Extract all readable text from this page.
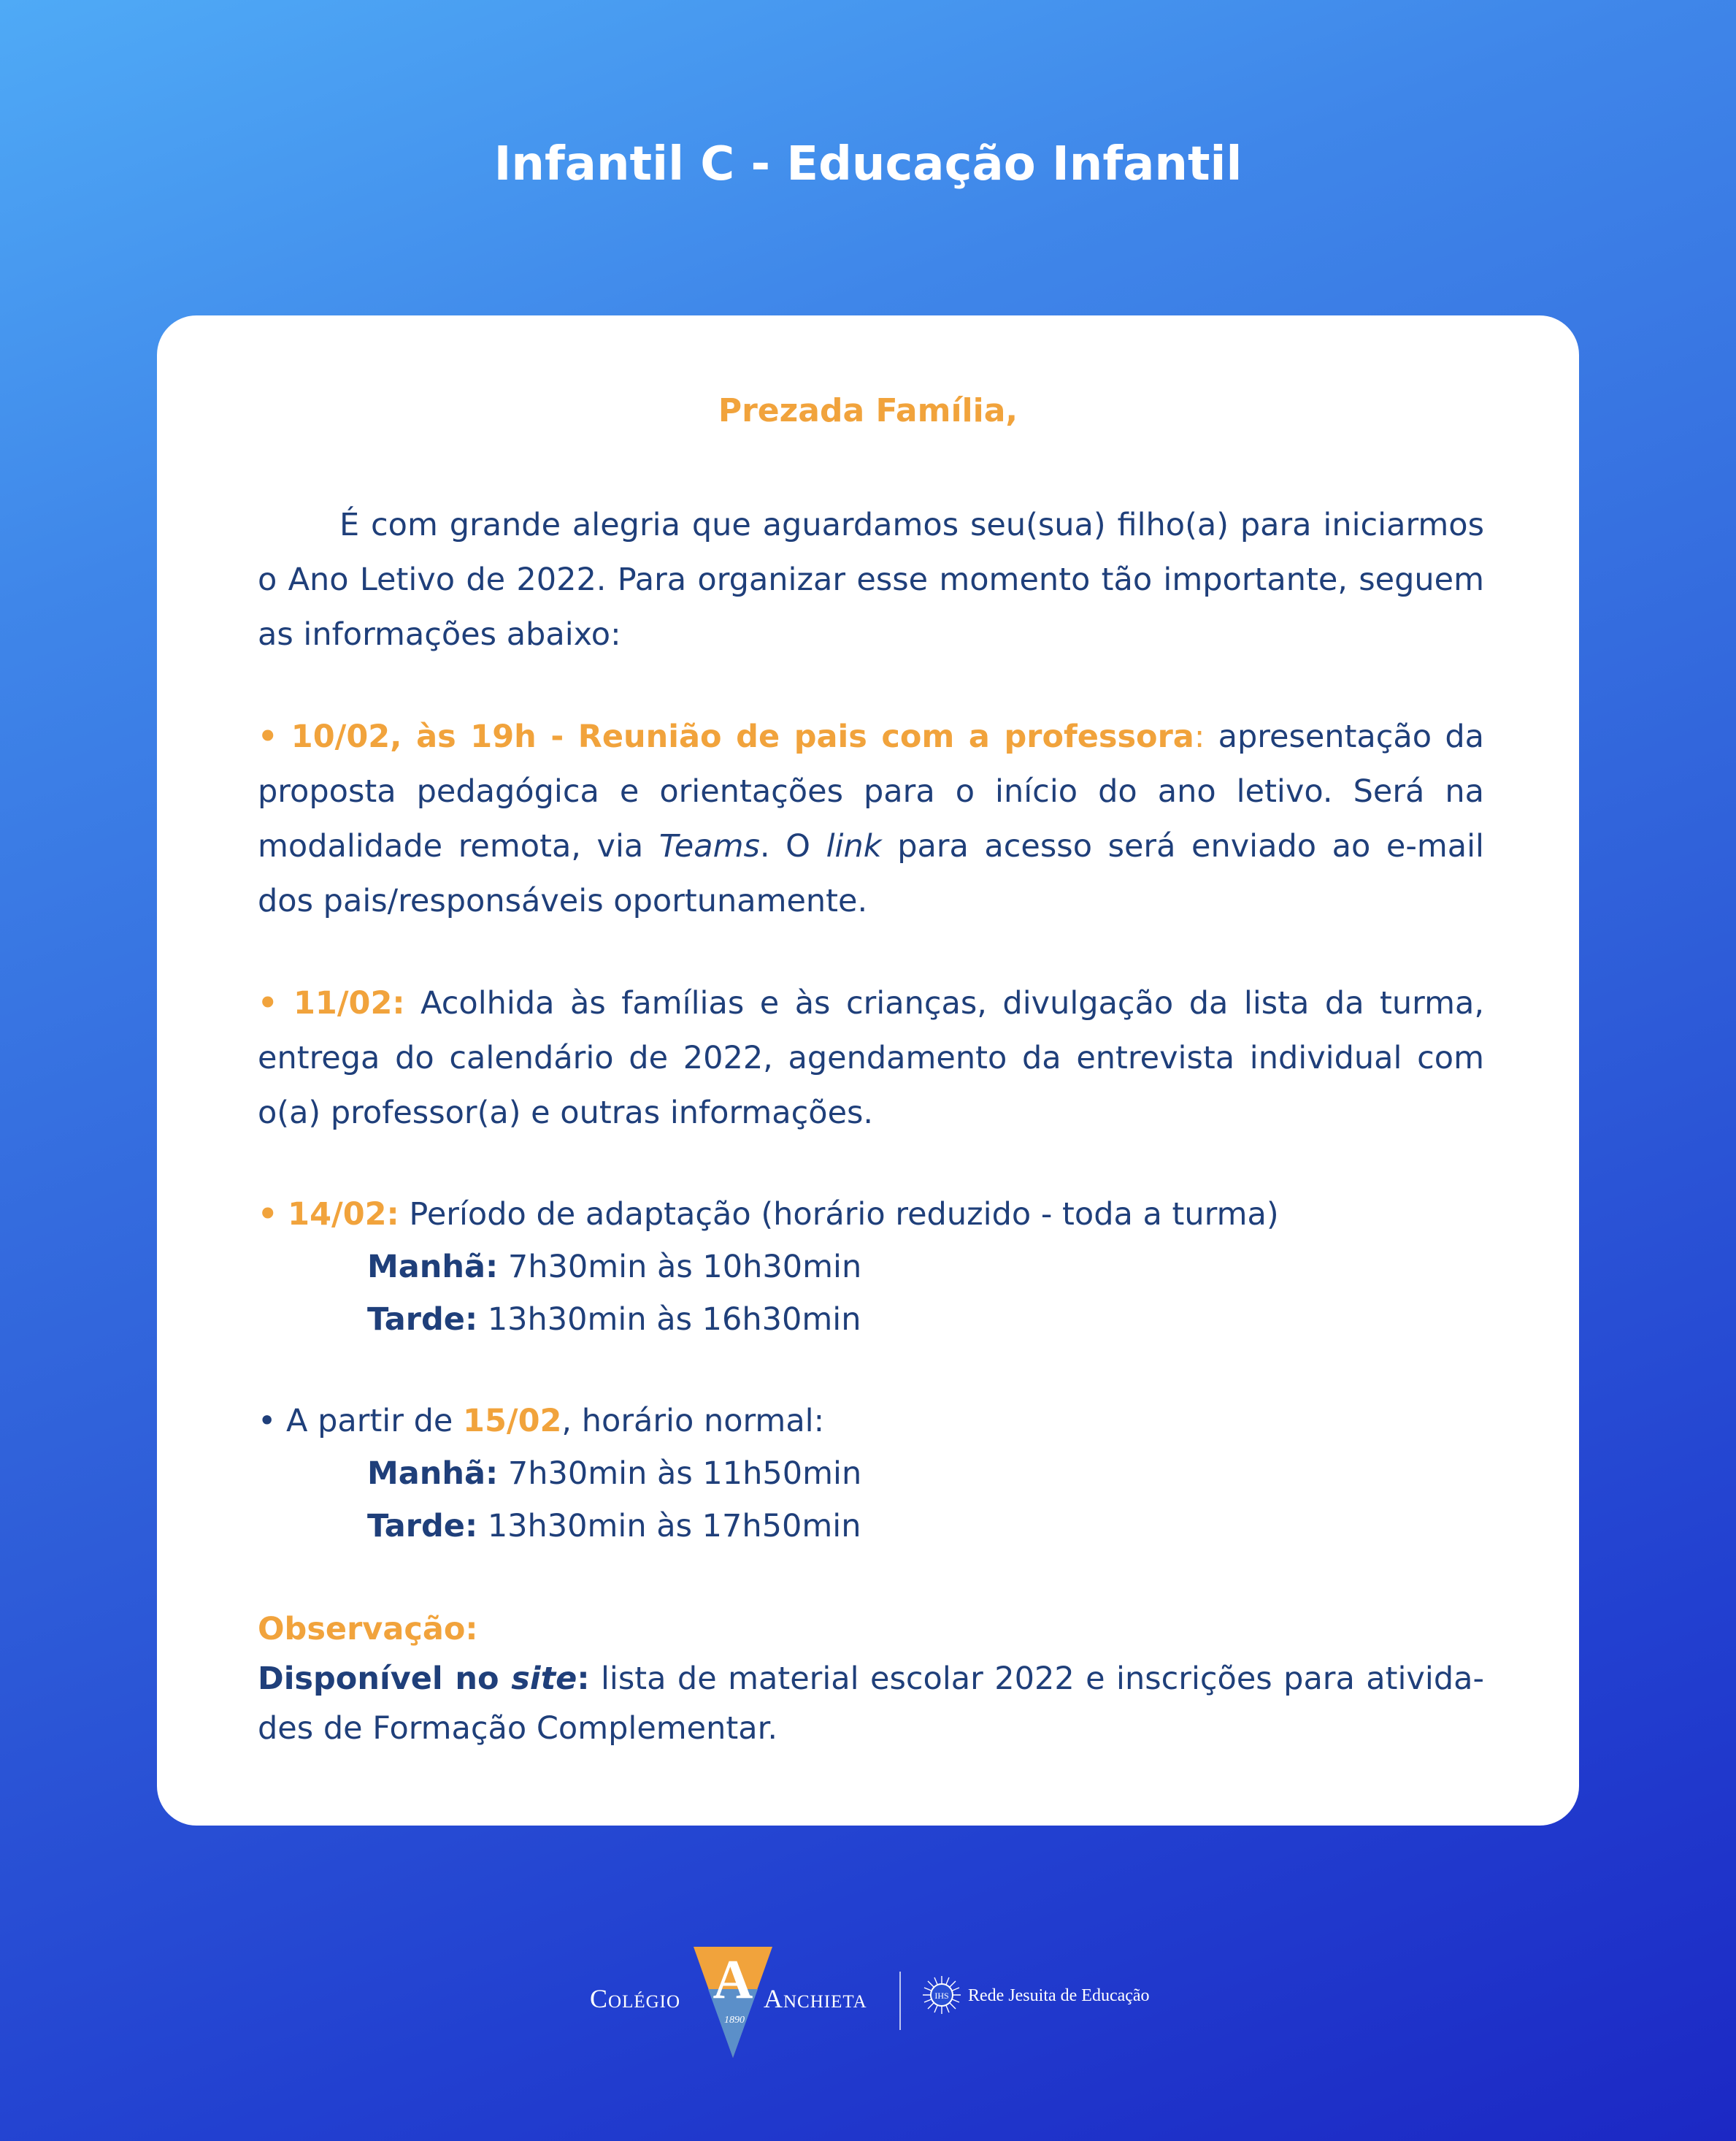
Infantil C - Educação Infantil
Prezada Família,

É com grande alegria que aguardamos seu(sua) filho(a) para iniciarmos o Ano Letivo de 2022. Para organizar esse momento tão importante, seguem as informações abaixo:

• 10/02, às 19h - Reunião de pais com a professora: apresentação da proposta pedagógica e orientações para o início do ano letivo. Será na modalidade remota, via Teams. O link para acesso será enviado ao e-mail dos pais/responsáveis oportunamente.

• 11/02: Acolhida às famílias e às crianças, divulgação da lista da turma, entrega do calendário de 2022, agendamento da entrevista individual com o(a) professor(a) e outras informações.

• 14/02: Período de adaptação (horário reduzido - toda a turma)
Manhã: 7h30min às 10h30min
Tarde: 13h30min às 16h30min
• A partir de 15/02, horário normal:
Manhã: 7h30min às 11h50min
Tarde: 13h30min às 17h50min
Observação:

Disponível no site: lista de material escolar 2022 e inscrições para atividades de Formação Complementar.

Colégio A
1890
Anchieta	IHS Rede Jesuita de Educação
